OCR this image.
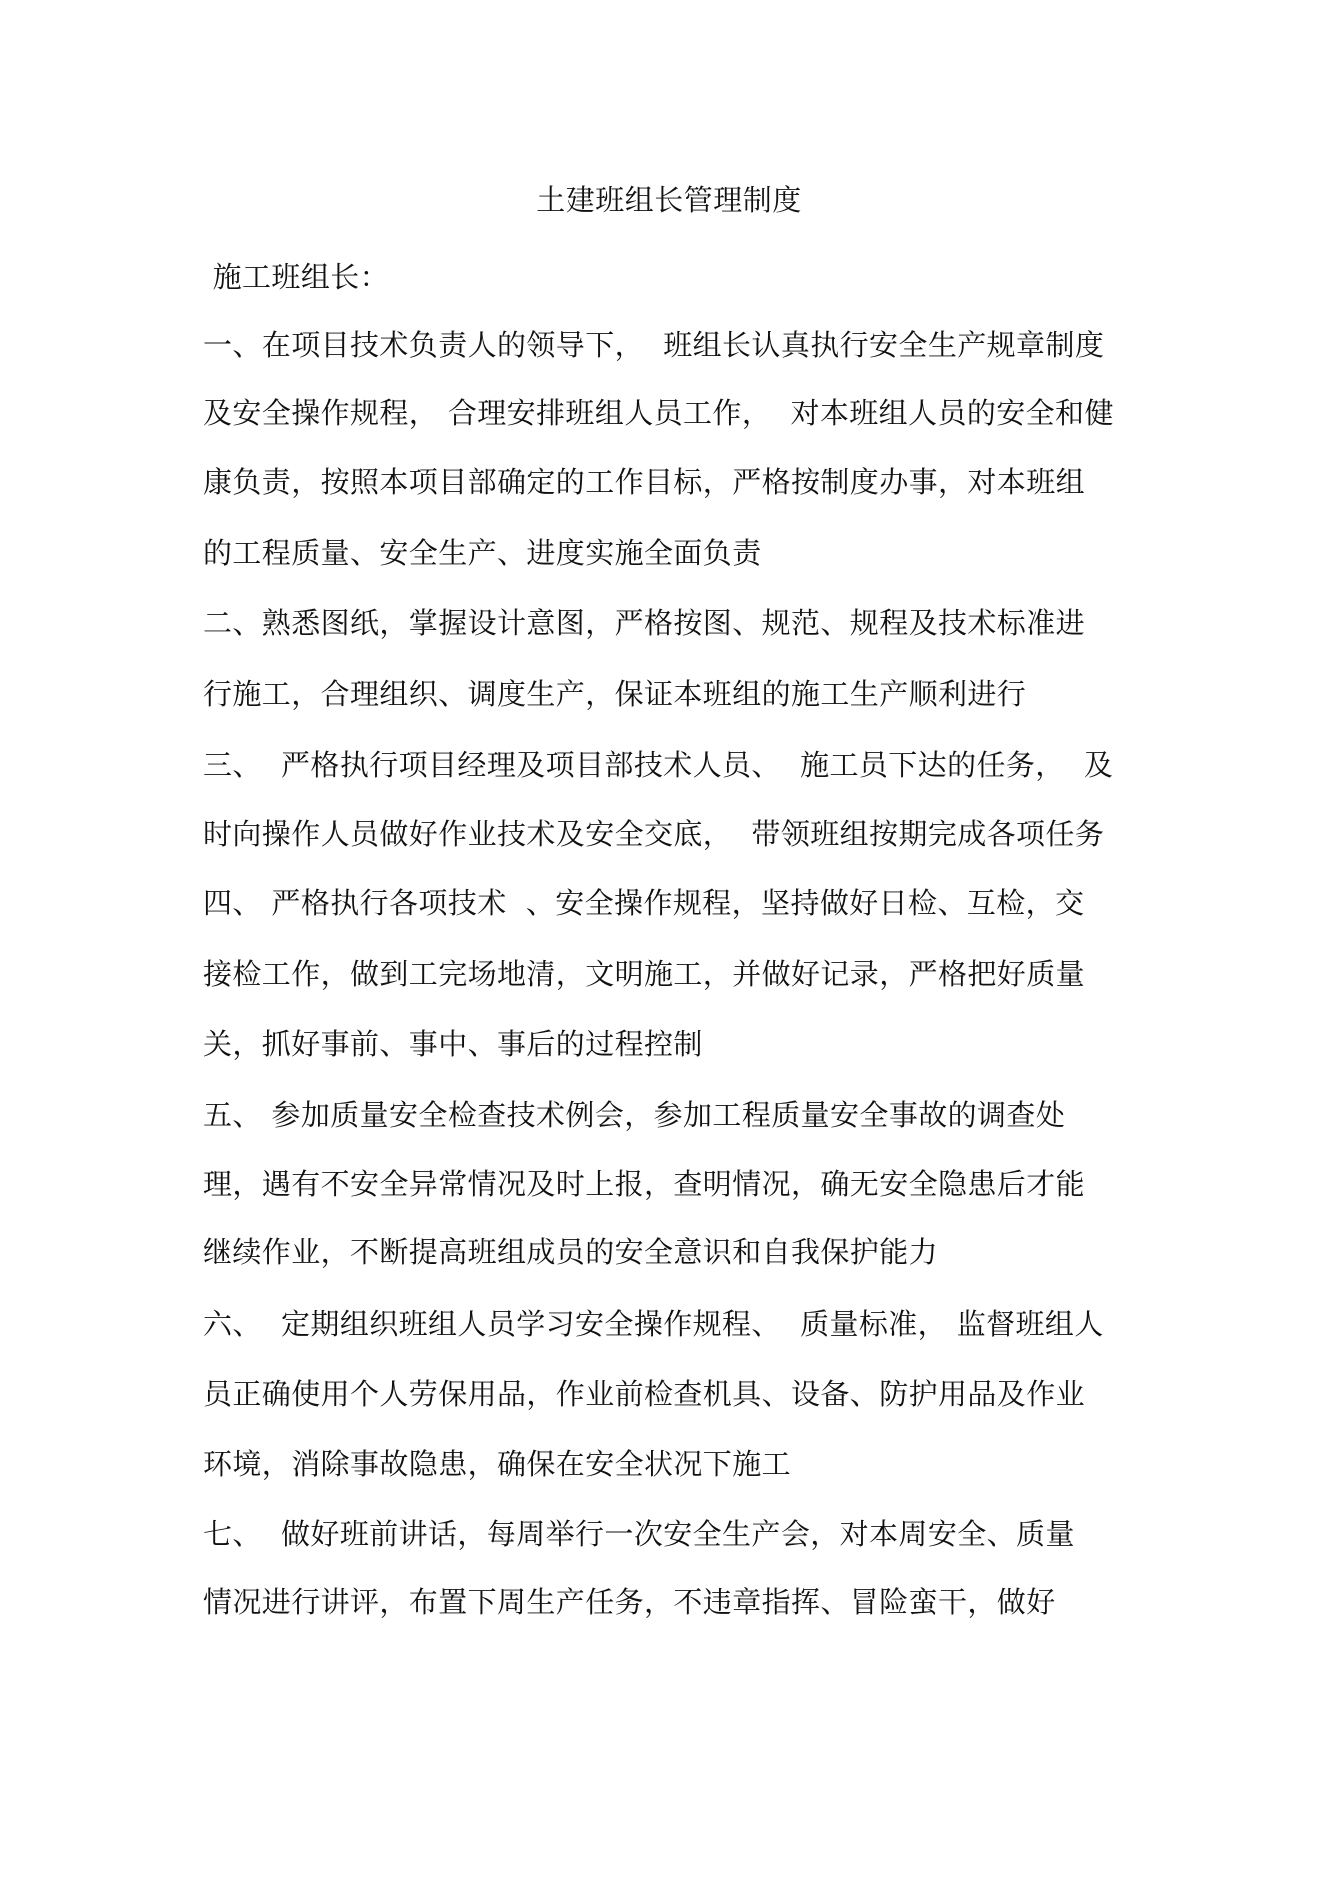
土建班组长管理制度
施工班组长：
一、在项目技术负责人的领导下，  班组长认真执行安全生产规章制度
及安全操作规程， 合理安排班组人员工作，  对本班组人员的安全和健
康负责，按照本项目部确定的工作目标，严格按制度办事，对本班组
的工程质量、安全生产、进度实施全面负责
二、熟悉图纸，掌握设计意图，严格按图、规范、规程及技术标准进
行施工，合理组织、调度生产，保证本班组的施工生产顺利进行
三、  严格执行项目经理及项目部技术人员、  施工员下达的任务，  及
时向操作人员做好作业技术及安全交底，  带领班组按期完成各项任务
四、 严格执行各项技术  、安全操作规程，坚持做好日检、互检，交
接检工作，做到工完场地清，文明施工，并做好记录，严格把好质量
关，抓好事前、事中、事后的过程控制
五、 参加质量安全检查技术例会，参加工程质量安全事故的调查处
理，遇有不安全异常情况及时上报，查明情况，确无安全隐患后才能
继续作业，不断提高班组成员的安全意识和自我保护能力
六、  定期组织班组人员学习安全操作规程、  质量标准， 监督班组人
员正确使用个人劳保用品，作业前检查机具、设备、防护用品及作业
环境，消除事故隐患，确保在安全状况下施工
七、  做好班前讲话，每周举行一次安全生产会，对本周安全、质量
情况进行讲评，布置下周生产任务，不违章指挥、冒险蛮干，做好
